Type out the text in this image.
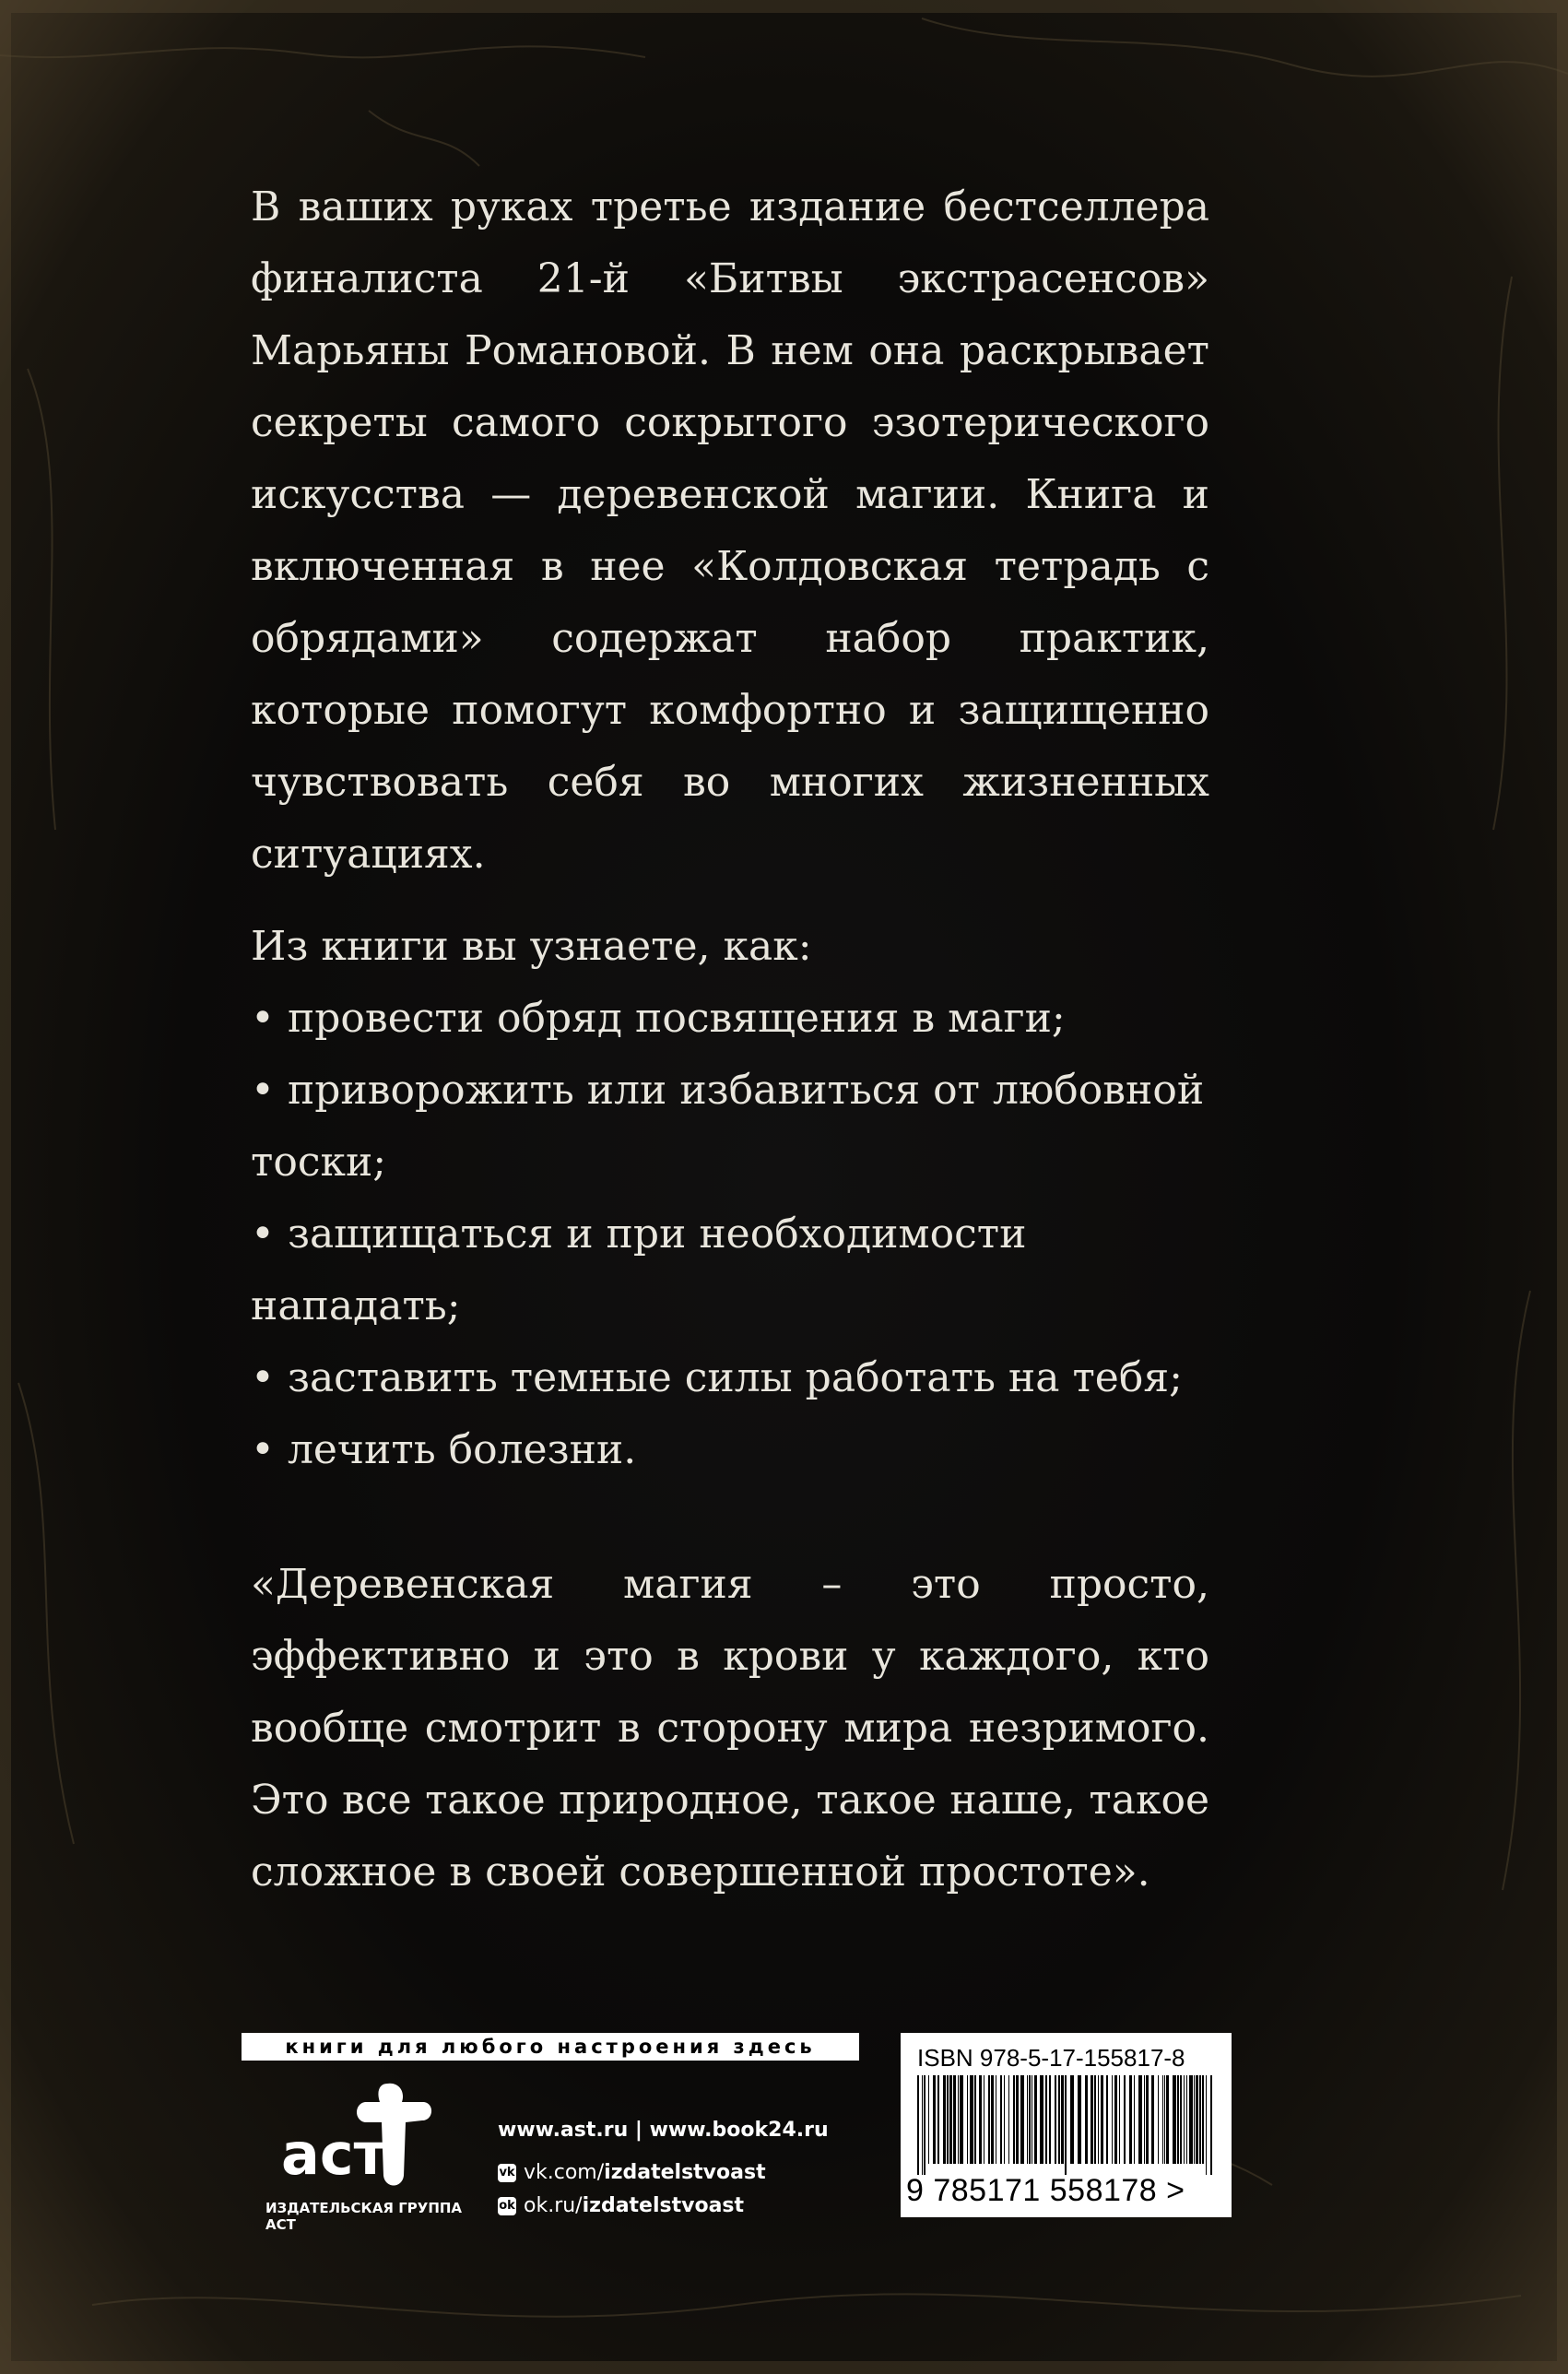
В ваших руках третье издание бестселлера финалиста 21-й «Битвы экстрасенсов» Марьяны Романовой. В нем она раскрывает секреты самого сокрытого эзотерического искусства — деревенской магии. Книга и включенная в нее «Колдовская тетрадь с обрядами» содержат набор практик, которые помогут комфортно и защищенно чувствовать себя во многих жизненных ситуациях.

Из книги вы узнаете, как:

• провести обряд посвящения в маги;

• приворожить или избавиться от любовной тоски;

• защищаться и при необходимости нападать;

• заставить темные силы работать на тебя;

• лечить болезни.

«Деревенская магия – это просто, эффективно и это в крови у каждого, кто вообще смотрит в сторону мира незримого. Это все такое природное, такое наше, такое сложное в своей совершенной простоте».

книги для любого настроения здесь
аст
ИЗДАТЕЛЬСКАЯ ГРУППА АСТ
www.ast.ru | www.book24.ru
vk vk.com/izdatelstvoast
ok ok.ru/izdatelstvoast
ISBN 978-5-17-155817-8
9 785171 558178 >
